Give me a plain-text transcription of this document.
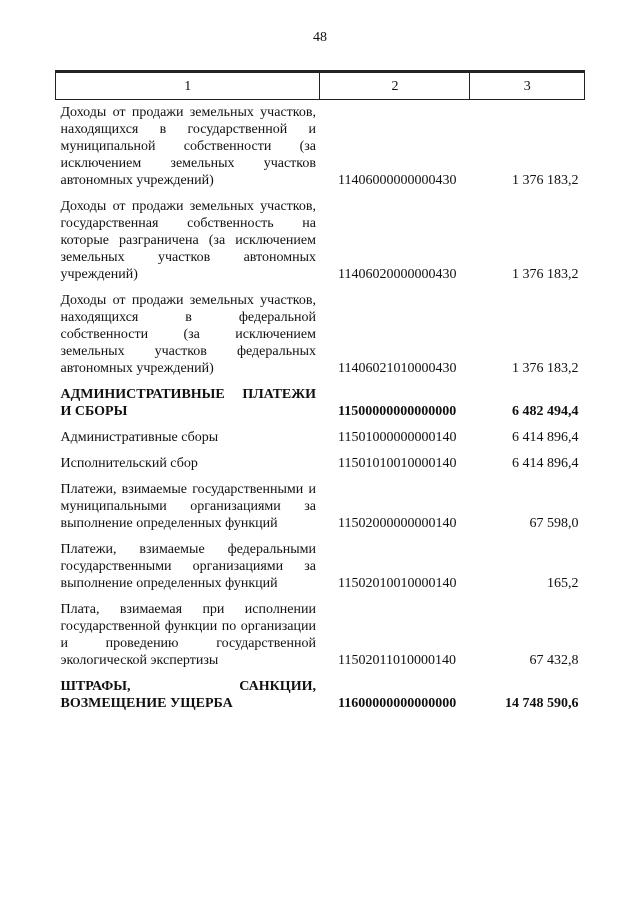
48
1	2	3
Доходы от продажи земельных участков, находящихся в государственной и муниципальной собственности (за исключением земельных участков автономных учреждений)	11406000000000430	1 376 183,2
Доходы от продажи земельных участков, государственная собственность на которые разграничена (за исключением земельных участков автономных учреждений)	11406020000000430	1 376 183,2
Доходы от продажи земельных участков, находящихся в федеральной собственности (за исключением земельных участков федеральных автономных учреждений)	11406021010000430	1 376 183,2
АДМИНИСТРАТИВНЫЕ ПЛАТЕЖИ И СБОРЫ	11500000000000000	6 482 494,4
Административные сборы	11501000000000140	6 414 896,4
Исполнительский сбор	11501010010000140	6 414 896,4
Платежи, взимаемые государственными и муниципальными организациями за выполнение определенных функций	11502000000000140	67 598,0
Платежи, взимаемые федеральными государственными организациями за выполнение определенных функций	11502010010000140	165,2
Плата, взимаемая при исполнении государственной функции по организации и проведению государственной экологической экспертизы	11502011010000140	67 432,8
ШТРАФЫ, САНКЦИИ, ВОЗМЕЩЕНИЕ УЩЕРБА	11600000000000000	14 748 590,6
